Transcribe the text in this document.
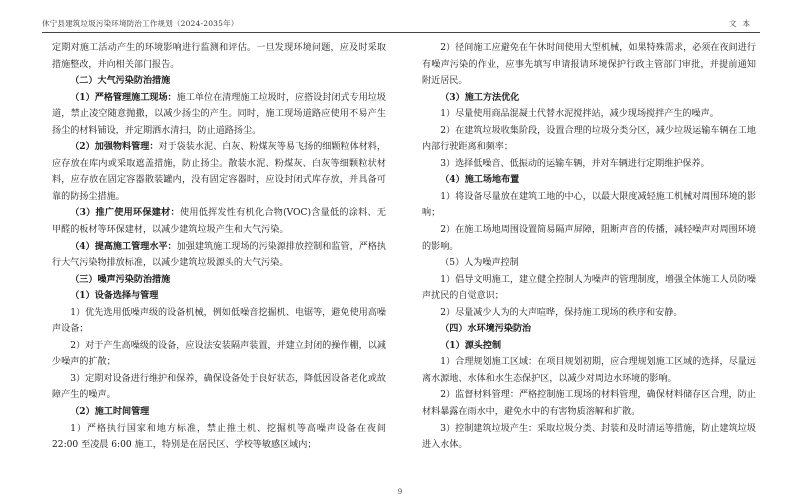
休宁县建筑垃圾污染环境防治工作规划（2024-2035年）	文本

定期对施工活动产生的环境影响进行监测和评估。一旦发现环境问题，应及时采取措施整改，并向相关部门报告。

（二）大气污染防治措施

（1）严格管理施工现场：施工单位在清理施工垃圾时，应搭设封闭式专用垃圾道，禁止凌空随意抛撒，以减少扬尘的产生。同时，施工现场道路应使用不易产生扬尘的材料铺设，并定期洒水清扫，防止道路扬尘。

（2）加强物料管理：对于袋装水泥、白灰、粉煤灰等易飞扬的细颗粒体材料，应存放在库内或采取遮盖措施，防止扬尘。散装水泥、粉煤灰、白灰等细颗粒状材料，应存放在固定容器散装罐内，没有固定容器时，应设封闭式库存放，并具备可靠的防扬尘措施。

（3）推广使用环保建材：使用低挥发性有机化合物(VOC)含量低的涂料、无甲醛的板材等环保建材，以减少建筑垃圾产生和大气污染。

（4）提高施工管理水平：加强建筑施工现场的污染源排放控制和监管，严格执行大气污染物排放标准，以减少建筑垃圾源头的大气污染。

（三）噪声污染防治措施

（1）设备选择与管理

1）优先选用低噪声级的设备机械，例如低噪音挖掘机、电锯等，避免使用高噪声设备；

2）对于产生高噪级的设备，应设法安装隔声装置，并建立封闭的操作棚，以减少噪声的扩散；

3）定期对设备进行维护和保养，确保设备处于良好状态，降低因设备老化或故障产生的噪声。

（2）施工时间管理

1）严格执行国家和地方标准，禁止推土机、挖掘机等高噪声设备在夜间 22:00 至凌晨 6:00 施工，特别是在居民区、学校等敏感区域内；

2）径间施工应避免在午休时间使用大型机械，如果特殊需求，必须在夜间进行有噪声污染的作业，应事先填写申请报请环境保护行政主管部门审批，并提前通知附近居民。

（3）施工方法优化

1）尽量使用商品混凝土代替水泥搅拌站，减少现场搅拌产生的噪声。

2）在建筑垃圾收集阶段，设置合理的垃圾分类分区，减少垃圾运输车辆在工地内部行驶距离和频率；

3）选择低噪音、低振动的运输车辆，并对车辆进行定期维护保养。

（4）施工场地布置

1）将设备尽量放在建筑工地的中心，以最大限度减轻施工机械对周围环境的影响；

2）在施工场地周围设置简易隔声屏障，阻断声音的传播，减轻噪声对周围环境的影响。

（5）人为噪声控制

1）倡导文明施工，建立健全控制人为噪声的管理制度，增强全体施工人员防噪声扰民的自觉意识；

2）尽量减少人为的大声喧哗，保持施工现场的秩序和安静。

（四）水环境污染防治

（1）源头控制

1）合理规划施工区域：在项目规划初期，应合理规划施工区域的选择，尽量远离水源地、水体和水生态保护区，以减少对周边水环境的影响。

2）监督材料管理：严格控制施工现场的材料管理，确保材料储存区合理，防止材料暴露在雨水中，避免水中的有害物质溶解和扩散。

3）控制建筑垃圾产生：采取垃圾分类、封装和及时清运等措施，防止建筑垃圾进入水体。

9
